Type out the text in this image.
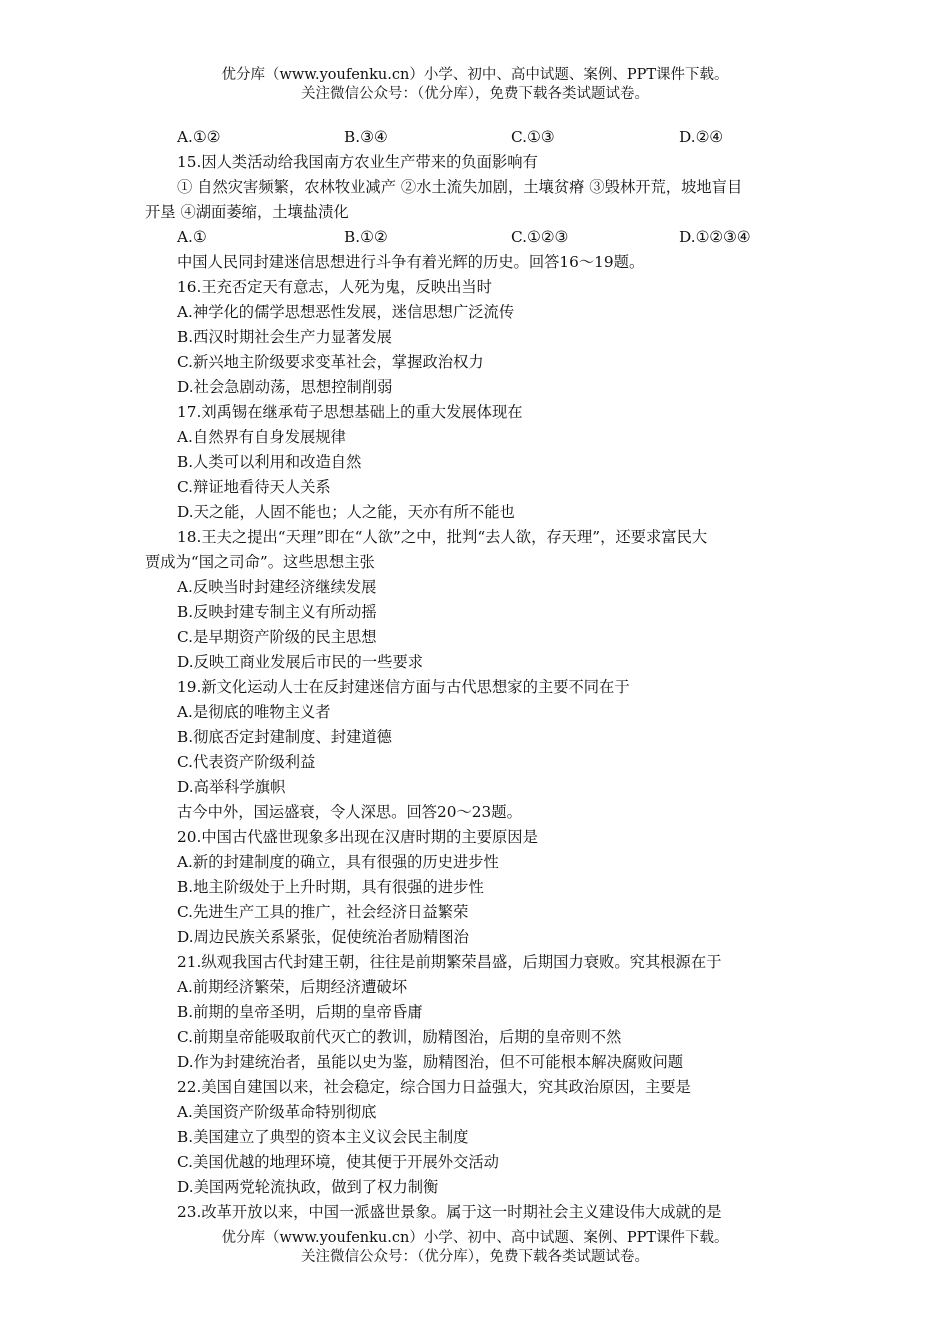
优分库（www.youfenku.cn）小学、初中、高中试题、案例、PPT课件下载。
关注微信公众号：（优分库），免费下载各类试题试卷。
A.①②	B.③④	C.①③	D.②④
15.因人类活动给我国南方农业生产带来的负面影响有
① 自然灾害频繁，农林牧业减产 ②水土流失加剧，土壤贫瘠 ③毁林开荒，坡地盲目
开垦 ④湖面萎缩，土壤盐渍化
A.①	B.①②	C.①②③	D.①②③④
中国人民同封建迷信思想进行斗争有着光辉的历史。回答16～19题。
16.王充否定天有意志，人死为鬼，反映出当时
A.神学化的儒学思想恶性发展，迷信思想广泛流传
B.西汉时期社会生产力显著发展
C.新兴地主阶级要求变革社会，掌握政治权力
D.社会急剧动荡，思想控制削弱
17.刘禹锡在继承荀子思想基础上的重大发展体现在
A.自然界有自身发展规律
B.人类可以利用和改造自然
C.辩证地看待天人关系
D.天之能，人固不能也；人之能，天亦有所不能也
18.王夫之提出“天理”即在“人欲”之中，批判“去人欲，存天理”，还要求富民大
贾成为“国之司命”。这些思想主张
A.反映当时封建经济继续发展
B.反映封建专制主义有所动摇
C.是早期资产阶级的民主思想
D.反映工商业发展后市民的一些要求
19.新文化运动人士在反封建迷信方面与古代思想家的主要不同在于
A.是彻底的唯物主义者
B.彻底否定封建制度、封建道德
C.代表资产阶级利益
D.高举科学旗帜
古今中外，国运盛衰，令人深思。回答20～23题。
20.中国古代盛世现象多出现在汉唐时期的主要原因是
A.新的封建制度的确立，具有很强的历史进步性
B.地主阶级处于上升时期，具有很强的进步性
C.先进生产工具的推广，社会经济日益繁荣
D.周边民族关系紧张，促使统治者励精图治
21.纵观我国古代封建王朝，往往是前期繁荣昌盛，后期国力衰败。究其根源在于
A.前期经济繁荣，后期经济遭破坏
B.前期的皇帝圣明，后期的皇帝昏庸
C.前期皇帝能吸取前代灭亡的教训，励精图治，后期的皇帝则不然
D.作为封建统治者，虽能以史为鉴，励精图治，但不可能根本解决腐败问题
22.美国自建国以来，社会稳定，综合国力日益强大，究其政治原因，主要是
A.美国资产阶级革命特别彻底
B.美国建立了典型的资本主义议会民主制度
C.美国优越的地理环境，使其便于开展外交活动
D.美国两党轮流执政，做到了权力制衡
23.改革开放以来，中国一派盛世景象。属于这一时期社会主义建设伟大成就的是
优分库（www.youfenku.cn）小学、初中、高中试题、案例、PPT课件下载。
关注微信公众号：（优分库），免费下载各类试题试卷。
